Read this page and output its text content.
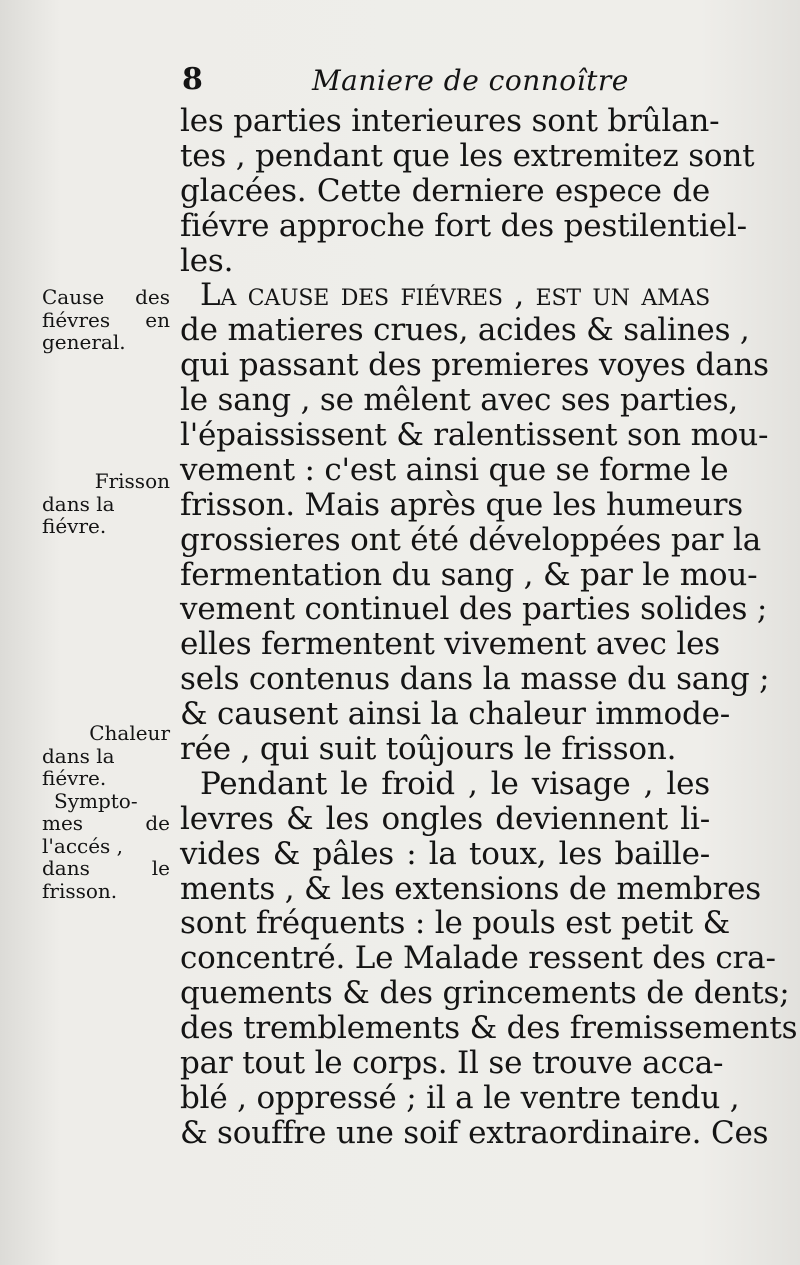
8	Maniere de connoître
Cause des
fiévres en
general.
Frisson
dans la
fiévre.
Chaleur
dans la
fiévre.
Sympto-
mes de
l'accés ,
dans le
frisson.
les parties interieures sont brûlan-
tes , pendant que les extremitez sont
glacées. Cette derniere espece de
fiévre approche fort des pestilentiel-
les.
La cause des fiévres , est un amas
de matieres crues, acides & salines ,
qui passant des premieres voyes dans
le sang , se mêlent avec ses parties,
l'épaississent & ralentissent son mou-
vement : c'est ainsi que se forme le
frisson. Mais après que les humeurs
grossieres ont été développées par la
fermentation du sang , & par le mou-
vement continuel des parties solides ;
elles fermentent vivement avec les
sels contenus dans la masse du sang ;
& causent ainsi la chaleur immode-
rée , qui suit toûjours le frisson.
Pendant le froid , le visage , les
levres & les ongles deviennent li-
vides & pâles : la toux, les baille-
ments , & les extensions de membres
sont fréquents : le pouls est petit &
concentré. Le Malade ressent des cra-
quements & des grincements de dents;
des tremblements & des fremissements
par tout le corps. Il se trouve acca-
blé , oppressé ; il a le ventre tendu ,
& souffre une soif extraordinaire. Ces
